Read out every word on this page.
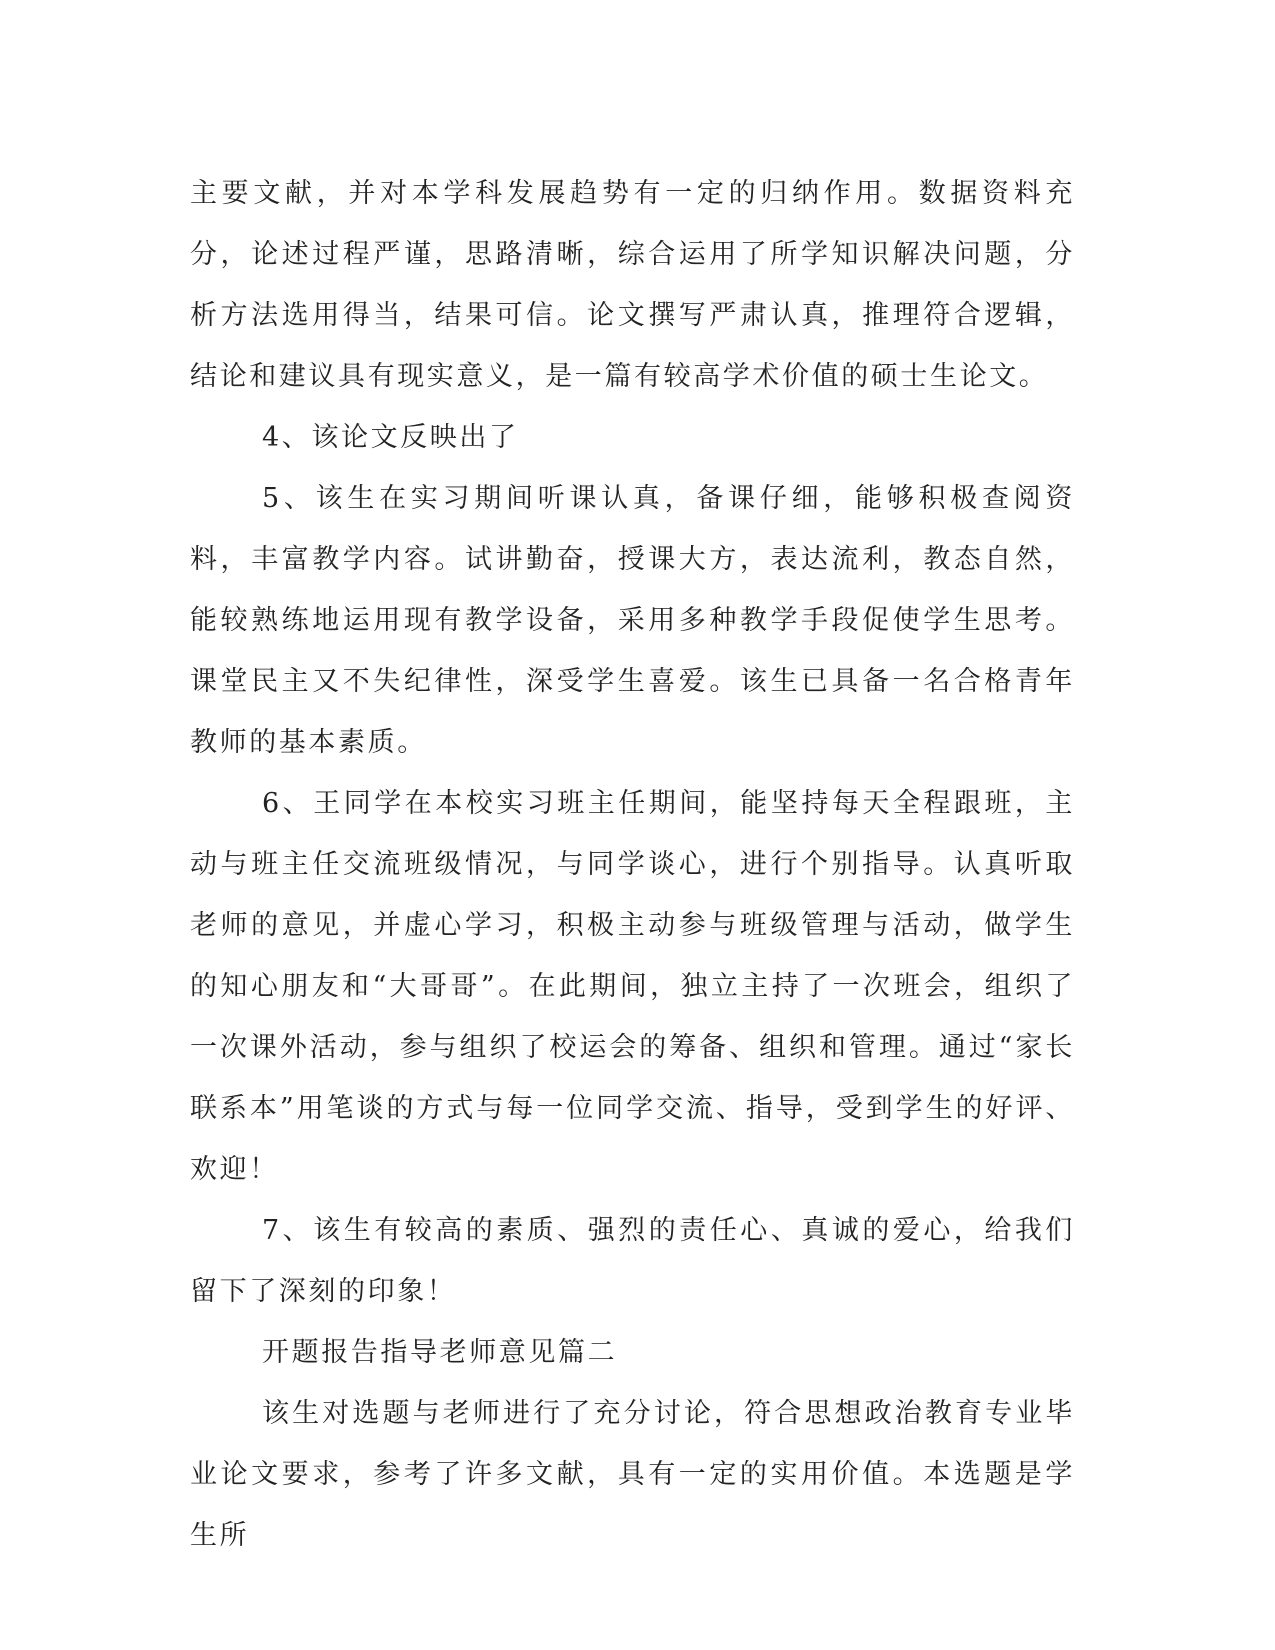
主要文献，并对本学科发展趋势有一定的归纳作用。数据资料充分，论述过程严谨，思路清晰，综合运用了所学知识解决问题，分析方法选用得当，结果可信。论文撰写严肃认真，推理符合逻辑，结论和建议具有现实意义，是一篇有较高学术价值的硕士生论文。

4、该论文反映出了

5、该生在实习期间听课认真，备课仔细，能够积极查阅资料，丰富教学内容。试讲勤奋，授课大方，表达流利，教态自然，能较熟练地运用现有教学设备，采用多种教学手段促使学生思考。课堂民主又不失纪律性，深受学生喜爱。该生已具备一名合格青年教师的基本素质。

6、王同学在本校实习班主任期间，能坚持每天全程跟班，主动与班主任交流班级情况，与同学谈心，进行个别指导。认真听取老师的意见，并虚心学习，积极主动参与班级管理与活动，做学生的知心朋友和“大哥哥”。在此期间，独立主持了一次班会，组织了一次课外活动，参与组织了校运会的筹备、组织和管理。通过“家长联系本”用笔谈的方式与每一位同学交流、指导，受到学生的好评、欢迎！

7、该生有较高的素质、强烈的责任心、真诚的爱心，给我们留下了深刻的印象！

开题报告指导老师意见篇二

该生对选题与老师进行了充分讨论，符合思想政治教育专业毕业论文要求，参考了许多文献，具有一定的实用价值。本选题是学生所
